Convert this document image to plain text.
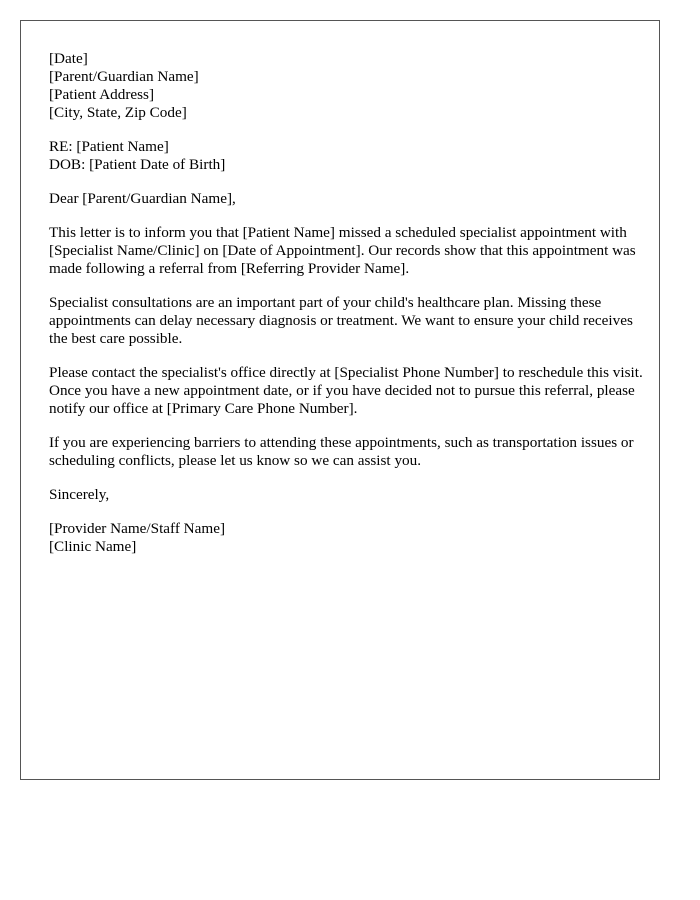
[Date]
[Parent/Guardian Name]
[Patient Address]
[City, State, Zip Code]
RE: [Patient Name]
DOB: [Patient Date of Birth]
Dear [Parent/Guardian Name],
This letter is to inform you that [Patient Name] missed a scheduled specialist appointment with [Specialist Name/Clinic] on [Date of Appointment]. Our records show that this appointment was made following a referral from [Referring Provider Name].
Specialist consultations are an important part of your child's healthcare plan. Missing these appointments can delay necessary diagnosis or treatment. We want to ensure your child receives the best care possible.
Please contact the specialist's office directly at [Specialist Phone Number] to reschedule this visit. Once you have a new appointment date, or if you have decided not to pursue this referral, please notify our office at [Primary Care Phone Number].
If you are experiencing barriers to attending these appointments, such as transportation issues or scheduling conflicts, please let us know so we can assist you.
Sincerely,
[Provider Name/Staff Name]
[Clinic Name]
